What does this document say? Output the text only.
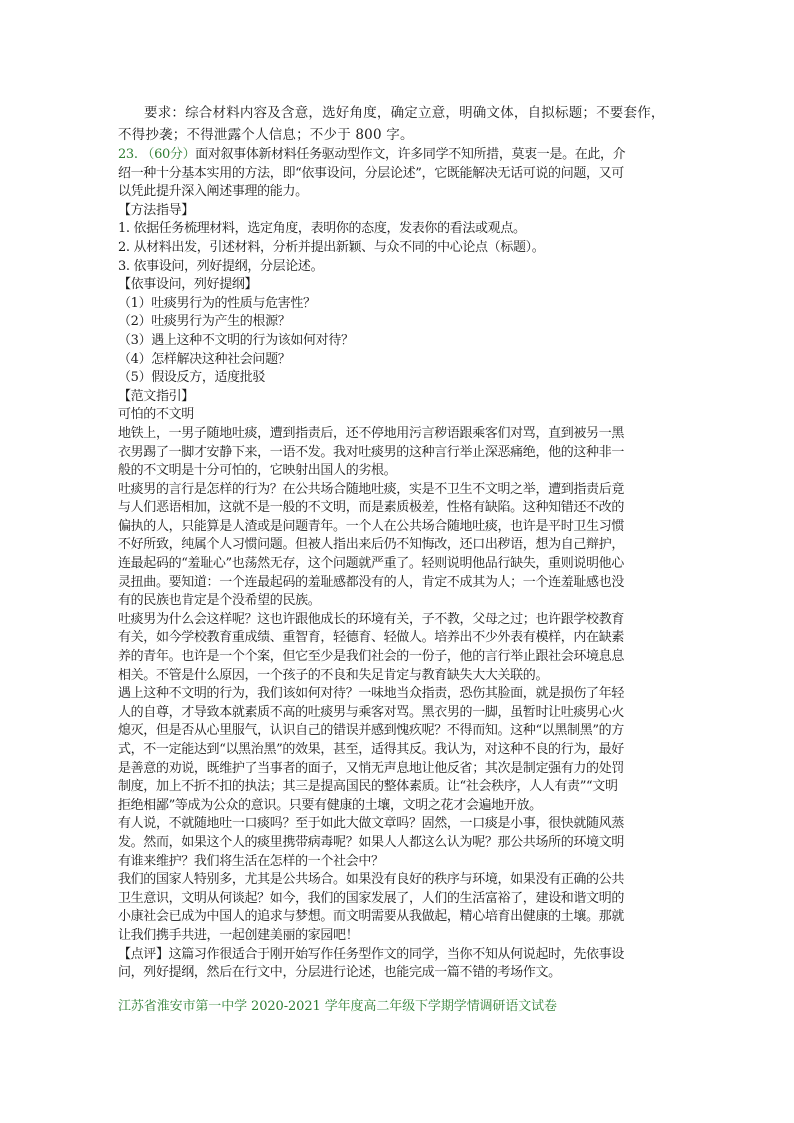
要求：综合材料内容及含意，选好角度，确定立意，明确文体，自拟标题；不要套作，
不得抄袭；不得泄露个人信息；不少于 800 字。
23. （60分）面对叙事体新材料任务驱动型作文，许多同学不知所措，莫衷一是。在此，介
绍一种十分基本实用的方法，即“依事设问，分层论述”，它既能解决无话可说的问题，又可
以凭此提升深入阐述事理的能力。
【方法指导】
1. 依据任务梳理材料，选定角度，表明你的态度，发表你的看法或观点。
2. 从材料出发，引述材料，分析并提出新颖、与众不同的中心论点（标题）。
3. 依事设问，列好提纲，分层论述。
【依事设问，列好提纲】
（1）吐痰男行为的性质与危害性？
（2）吐痰男行为产生的根源？
（3）遇上这种不文明的行为该如何对待？
（4）怎样解决这种社会问题？
（5）假设反方，适度批驳
【范文指引】
可怕的不文明
地铁上，一男子随地吐痰，遭到指责后，还不停地用污言秽语跟乘客们对骂，直到被另一黑
衣男踢了一脚才安静下来，一语不发。我对吐痰男的这种言行举止深恶痛绝，他的这种非一
般的不文明是十分可怕的，它映射出国人的劣根。
吐痰男的言行是怎样的行为？在公共场合随地吐痰，实是不卫生不文明之举，遭到指责后竟
与人们恶语相加，这就不是一般的不文明，而是素质极差，性格有缺陷。这种知错还不改的
偏执的人，只能算是人渣或是问题青年。一个人在公共场合随地吐痰，也许是平时卫生习惯
不好所致，纯属个人习惯问题。但被人指出来后仍不知悔改，还口出秽语，想为自己辩护，
连最起码的“羞耻心”也荡然无存，这个问题就严重了。轻则说明他品行缺失，重则说明他心
灵扭曲。要知道：一个连最起码的羞耻感都没有的人，肯定不成其为人；一个连羞耻感也没
有的民族也肯定是个没希望的民族。
吐痰男为什么会这样呢？这也许跟他成长的环境有关，子不教，父母之过；也许跟学校教育
有关，如今学校教育重成绩、重智育，轻德育、轻做人。培养出不少外表有模样，内在缺素
养的青年。也许是一个个案，但它至少是我们社会的一份子，他的言行举止跟社会环境息息
相关。不管是什么原因，一个孩子的不良和失足肯定与教育缺失大大关联的。
遇上这种不文明的行为，我们该如何对待？一味地当众指责，恐伤其脸面，就是损伤了年轻
人的自尊，才导致本就素质不高的吐痰男与乘客对骂。黑衣男的一脚，虽暂时让吐痰男心火
熄灭，但是否从心里服气，认识自己的错误并感到愧疚呢？不得而知。这种“以黑制黑”的方
式，不一定能达到“以黑治黑”的效果，甚至，适得其反。我认为，对这种不良的行为，最好
是善意的劝说，既维护了当事者的面子，又悄无声息地让他反省；其次是制定强有力的处罚
制度，加上不折不扣的执法；其三是提高国民的整体素质。让“社会秩序，人人有责”“文明
拒绝相鄙”等成为公众的意识。只要有健康的土壤，文明之花才会遍地开放。
有人说，不就随地吐一口痰吗？至于如此大做文章吗？固然，一口痰是小事，很快就随风蒸
发。然而，如果这个人的痰里携带病毒呢？如果人人都这么认为呢？那公共场所的环境文明
有谁来维护？我们将生活在怎样的一个社会中？
我们的国家人特别多，尤其是公共场合。如果没有良好的秩序与环境，如果没有正确的公共
卫生意识，文明从何谈起？如今，我们的国家发展了，人们的生活富裕了，建设和谐文明的
小康社会已成为中国人的追求与梦想。而文明需要从我做起，精心培育出健康的土壤。那就
让我们携手共进，一起创建美丽的家园吧！
【点评】这篇习作很适合于刚开始写作任务型作文的同学，当你不知从何说起时，先依事设
问，列好提纲，然后在行文中，分层进行论述，也能完成一篇不错的考场作文。
江苏省淮安市第一中学 2020-2021 学年度高二年级下学期学情调研语文试卷
